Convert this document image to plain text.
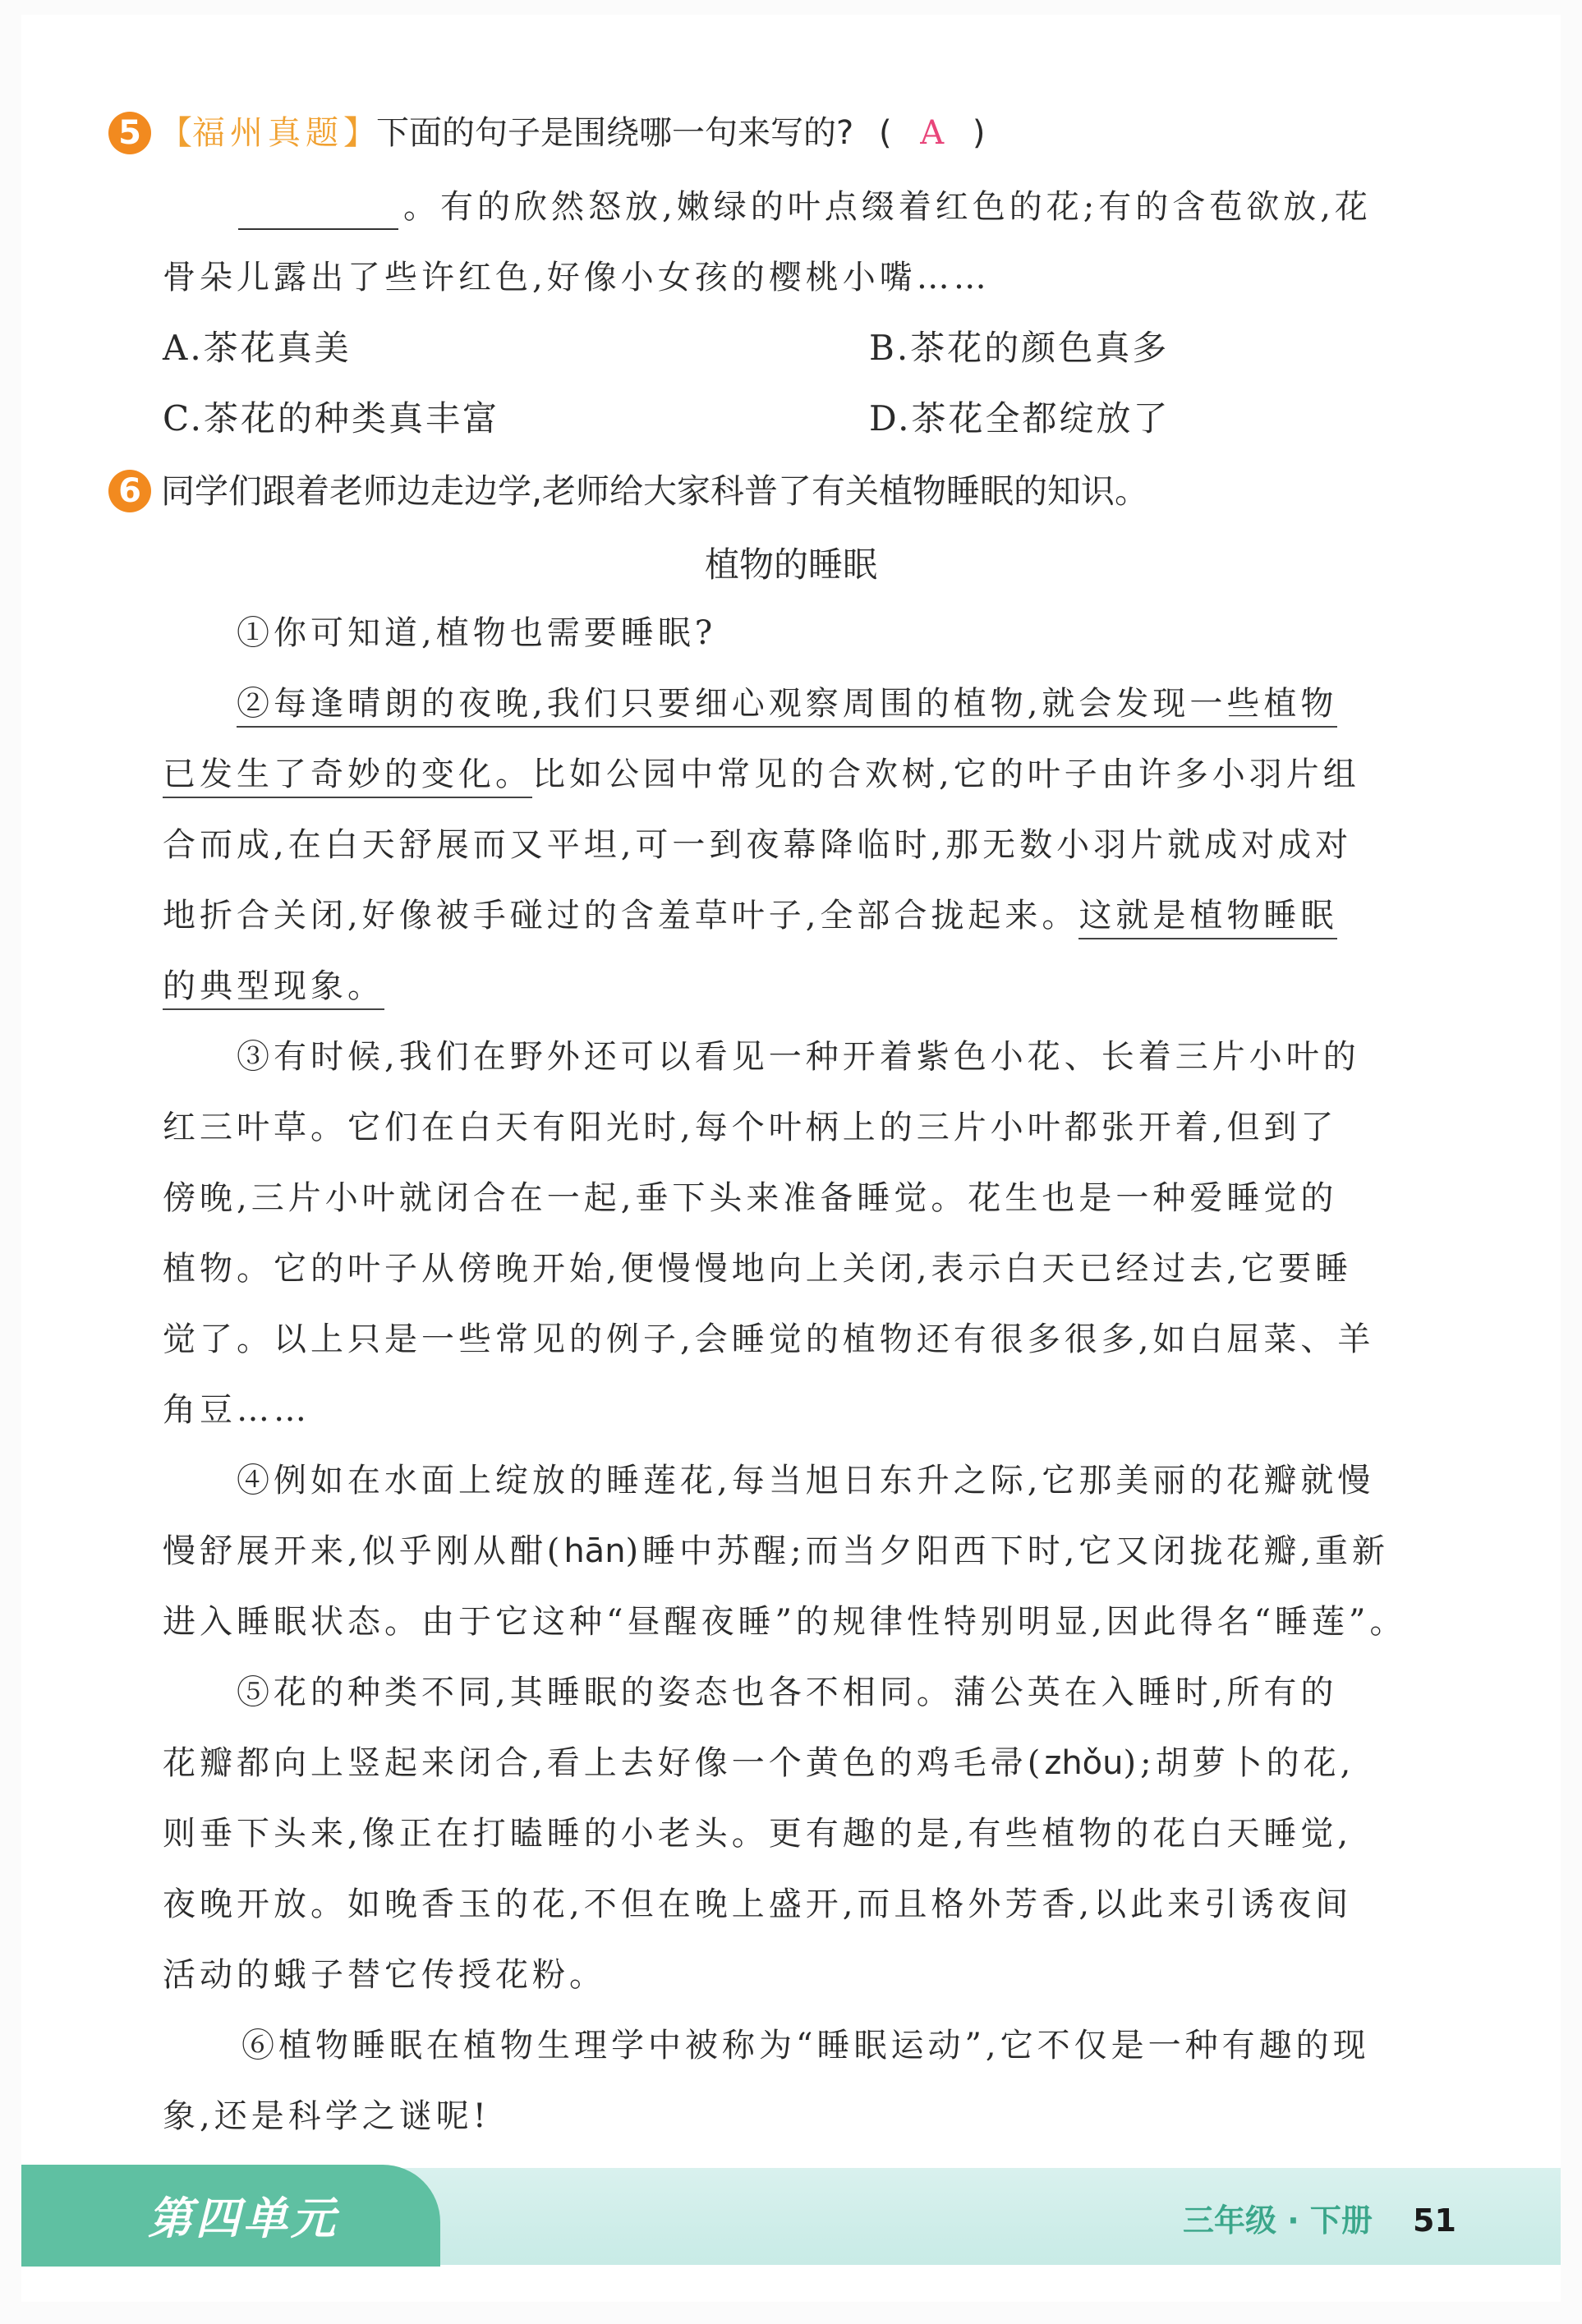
5 【福州真题】下面的句子是围绕哪一句来写的? ( A )
。有的欣然怒放,嫩绿的叶点缀着红色的花;有的含苞欲放,花
骨朵儿露出了些许红色,好像小女孩的樱桃小嘴……
A.茶花真美	B.茶花的颜色真多
C.茶花的种类真丰富	D.茶花全都绽放了
6 同学们跟着老师边走边学,老师给大家科普了有关植物睡眠的知识。
植物的睡眠
①你可知道,植物也需要睡眠?
②每逢晴朗的夜晚,我们只要细心观察周围的植物,就会发现一些植物
已发生了奇妙的变化。比如公园中常见的合欢树,它的叶子由许多小羽片组
合而成,在白天舒展而又平坦,可一到夜幕降临时,那无数小羽片就成对成对
地折合关闭,好像被手碰过的含羞草叶子,全部合拢起来。这就是植物睡眠
的典型现象。
③有时候,我们在野外还可以看见一种开着紫色小花、长着三片小叶的
红三叶草。它们在白天有阳光时,每个叶柄上的三片小叶都张开着,但到了
傍晚,三片小叶就闭合在一起,垂下头来准备睡觉。花生也是一种爱睡觉的
植物。它的叶子从傍晚开始,便慢慢地向上关闭,表示白天已经过去,它要睡
觉了。以上只是一些常见的例子,会睡觉的植物还有很多很多,如白屈菜、羊
角豆……
④例如在水面上绽放的睡莲花,每当旭日东升之际,它那美丽的花瓣就慢
慢舒展开来,似乎刚从酣(hān)睡中苏醒;而当夕阳西下时,它又闭拢花瓣,重新
进入睡眠状态。由于它这种“昼醒夜睡”的规律性特别明显,因此得名“睡莲”。
⑤花的种类不同,其睡眠的姿态也各不相同。蒲公英在入睡时,所有的
花瓣都向上竖起来闭合,看上去好像一个黄色的鸡毛帚(zhǒu);胡萝卜的花,
则垂下头来,像正在打瞌睡的小老头。更有趣的是,有些植物的花白天睡觉,
夜晚开放。如晚香玉的花,不但在晚上盛开,而且格外芳香,以此来引诱夜间
活动的蛾子替它传授花粉。
⑥植物睡眠在植物生理学中被称为“睡眠运动”,它不仅是一种有趣的现
象,还是科学之谜呢!
第四单元	三年级 · 下册 51
